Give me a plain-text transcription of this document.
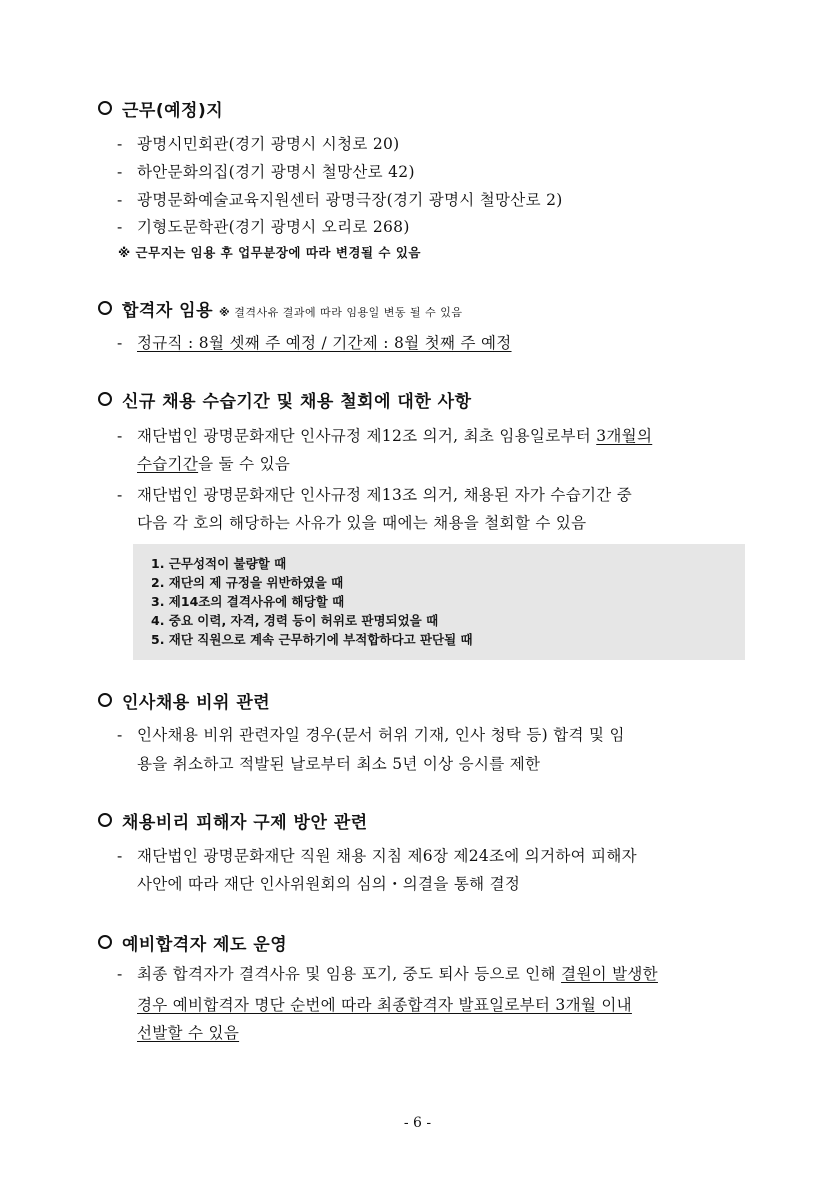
근무(예정)지
- 광명시민회관(경기 광명시 시청로 20)
- 하안문화의집(경기 광명시 철망산로 42)
- 광명문화예술교육지원센터 광명극장(경기 광명시 철망산로 2)
- 기형도문학관(경기 광명시 오리로 268)
※ 근무지는 임용 후 업무분장에 따라 변경될 수 있음
합격자 임용 ※ 결격사유 결과에 따라 임용일 변동 될 수 있음
- 정규직 : 8월 셋째 주 예정 / 기간제 : 8월 첫째 주 예정
신규 채용 수습기간 및 채용 철회에 대한 사항
- 재단법인 광명문화재단 인사규정 제12조 의거, 최초 임용일로부터 3개월의
수습기간을 둘 수 있음
- 재단법인 광명문화재단 인사규정 제13조 의거, 채용된 자가 수습기간 중
다음 각 호의 해당하는 사유가 있을 때에는 채용을 철회할 수 있음
1. 근무성적이 불량할 때
2. 재단의 제 규정을 위반하였을 때
3. 제14조의 결격사유에 해당할 때
4. 중요 이력, 자격, 경력 등이 허위로 판명되었을 때
5. 재단 직원으로 계속 근무하기에 부적합하다고 판단될 때
인사채용 비위 관련
- 인사채용 비위 관련자일 경우(문서 허위 기재, 인사 청탁 등) 합격 및 임
용을 취소하고 적발된 날로부터 최소 5년 이상 응시를 제한
채용비리 피해자 구제 방안 관련
- 재단법인 광명문화재단 직원 채용 지침 제6장 제24조에 의거하여 피해자
사안에 따라 재단 인사위원회의 심의・의결을 통해 결정
예비합격자 제도 운영
- 최종 합격자가 결격사유 및 임용 포기, 중도 퇴사 등으로 인해 결원이 발생한
경우 예비합격자 명단 순번에 따라 최종합격자 발표일로부터 3개월 이내
선발할 수 있음
- 6 -
